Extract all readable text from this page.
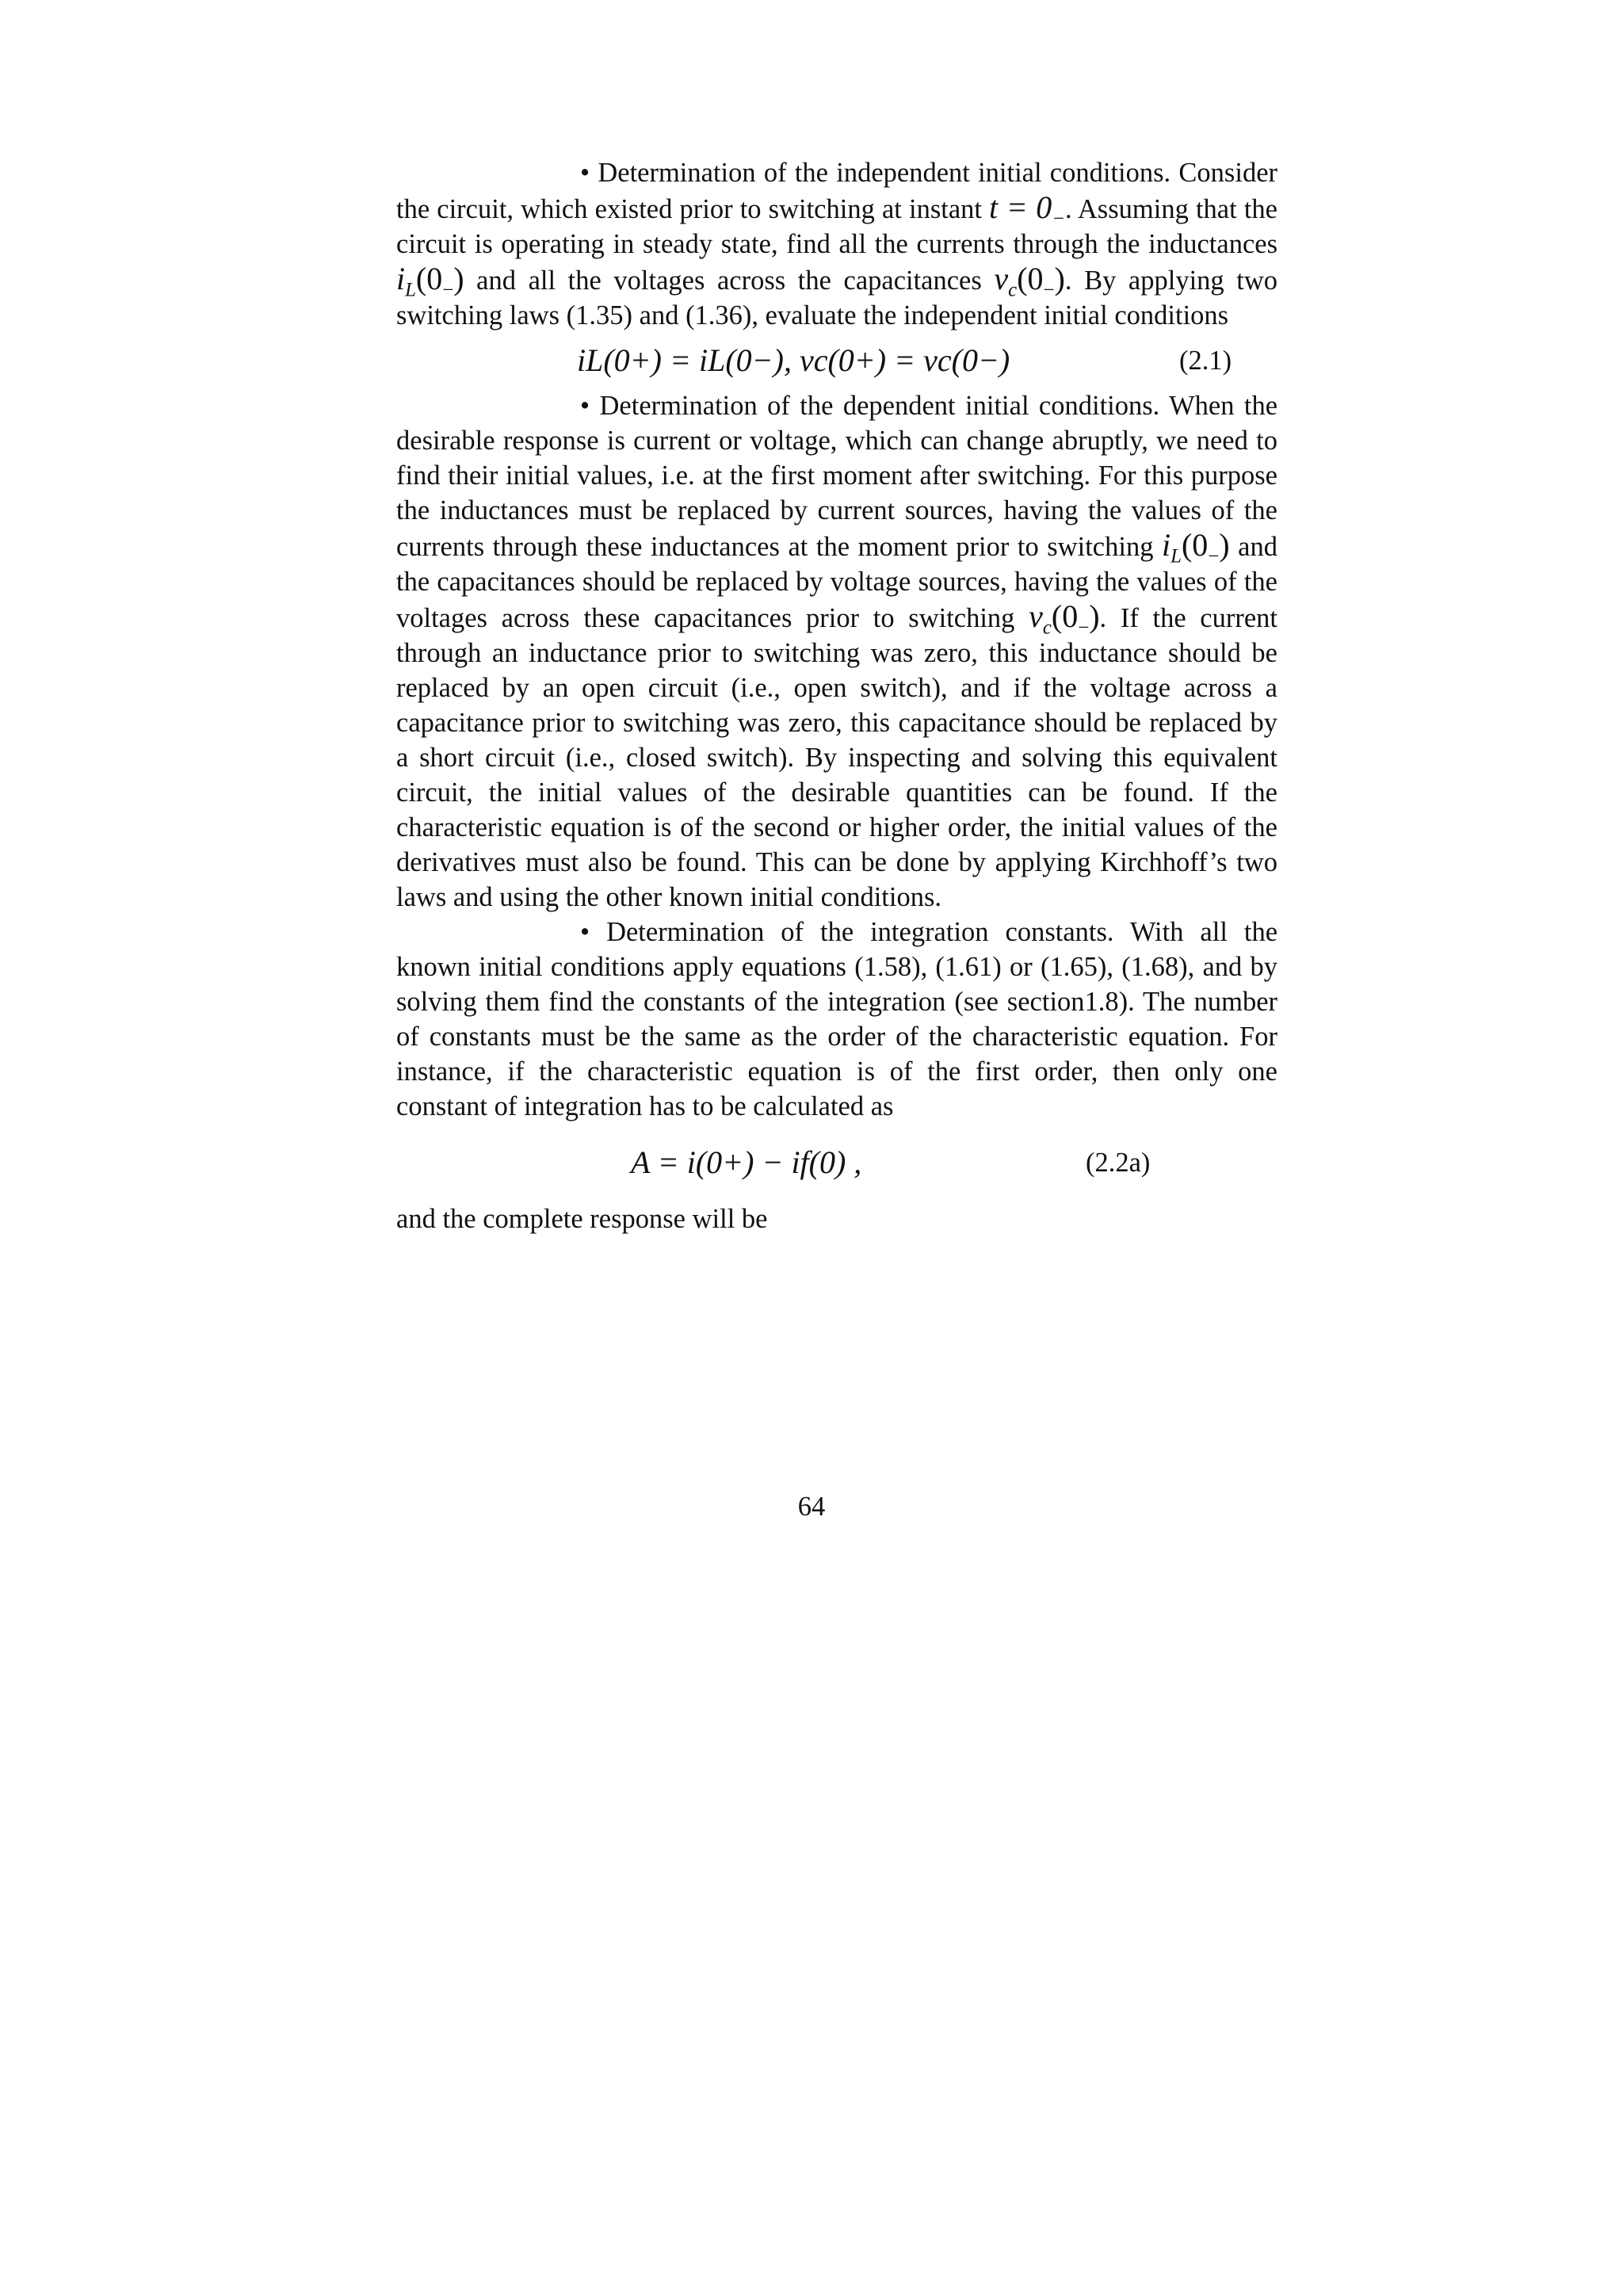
• Determination of the independent initial conditions. Consider the circuit, which existed prior to switching at instant $t = 0_-$. Assuming that the circuit is operating in steady state, find all the currents through the inductances $i_L(0_-)$ and all the voltages across the capacitances $v_c(0_-)$. By applying two switching laws (1.35) and (1.36), evaluate the independent initial conditions

iL(0+) = iL(0−), vc(0+) = vc(0−)	(2.1)

• Determination of the dependent initial conditions. When the desirable response is current or voltage, which can change abruptly, we need to find their initial values, i.e. at the first moment after switching. For this purpose the inductances must be replaced by current sources, having the values of the currents through these inductances at the moment prior to switching $i_L(0_-)$ and the capacitances should be replaced by voltage sources, having the values of the voltages across these capacitances prior to switching $v_c(0_-)$. If the current through an inductance prior to switching was zero, this inductance should be replaced by an open circuit (i.e., open switch), and if the voltage across a capacitance prior to switching was zero, this capacitance should be replaced by a short circuit (i.e., closed switch). By inspecting and solving this equivalent circuit, the initial values of the desirable quantities can be found. If the characteristic equation is of the second or higher order, the initial values of the derivatives must also be found. This can be done by applying Kirchhoff’s two laws and using the other known initial conditions.

• Determination of the integration constants. With all the known initial conditions apply equations (1.58), (1.61) or (1.65), (1.68), and by solving them find the constants of the integration (see section1.8). The number of constants must be the same as the order of the characteristic equation. For instance, if the characteristic equation is of the first order, then only one constant of integration has to be calculated as

A = i(0+) − if(0) ,	(2.2a)

and the complete response will be

64
